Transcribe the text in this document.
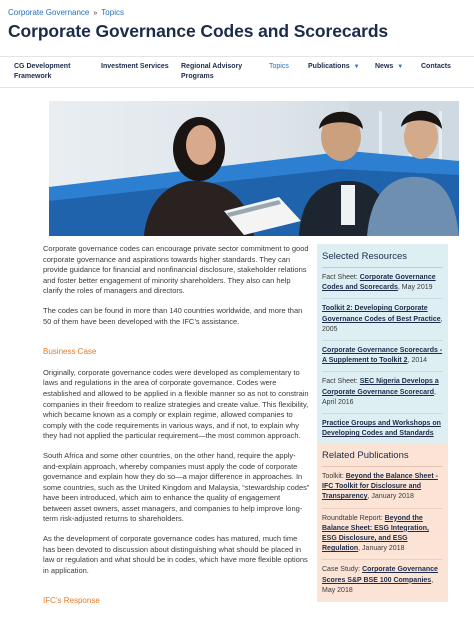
Corporate Governance » Topics
Corporate Governance Codes and Scorecards
CG Development
Framework
Investment Services Regional Advisory
Programs
Topics	Publications ▼ News ▼	Contacts

Corporate governance codes can encourage private sector commitment to good corporate governance and aspirations towards higher standards. They can provide guidance for financial and nonfinancial disclosure, stakeholder relations and foster better engagement of minority shareholders. They also can help clarify the roles of managers and directors.

The codes can be found in more than 140 countries worldwide, and more than 50 of them have been developed with the IFC’s assistance.

Business Case

Originally, corporate governance codes were developed as complementary to laws and regulations in the area of corporate governance. Codes were established and allowed to be applied in a flexible manner so as not to constrain companies in their freedom to realize strategies and create value. This flexibility, which became known as a comply or explain regime, allowed companies to comply with the code requirements in various ways, and if not, to explain why they had not applied the particular requirement—the most common approach.

South Africa and some other countries, on the other hand, require the apply-and-explain approach, whereby companies must apply the code of corporate governance and explain how they do so—a major difference in approaches. In some countries, such as the United Kingdom and Malaysia, “stewardship codes” have been introduced, which aim to enhance the quality of engagement between asset owners, asset managers, and companies to help improve long-term risk-adjusted returns to shareholders.

As the development of corporate governance codes has matured, much time has been devoted to discussion about distinguishing what should be placed in law or regulation and what should be in codes, which have more flexible options in application.

IFC’s Response
Selected Resources
Fact Sheet: Corporate Governance Codes and Scorecards, May 2019
Toolkit 2: Developing Corporate Governance Codes of Best Practice, 2005
Corporate Governance Scorecards - A Supplement to Toolkit 2, 2014
Fact Sheet: SEC Nigeria Develops a Corporate Governance Scorecard, April 2016
Practice Groups and Workshops on Developing Codes and Standards
Related Publications
Toolkit: Beyond the Balance Sheet - IFC Toolkit for Disclosure and Transparency, January 2018
Roundtable Report: Beyond the Balance Sheet: ESG Integration, ESG Disclosure, and ESG Regulation, January 2018
Case Study: Corporate Governance Scores S&P BSE 100 Companies, May 2018
